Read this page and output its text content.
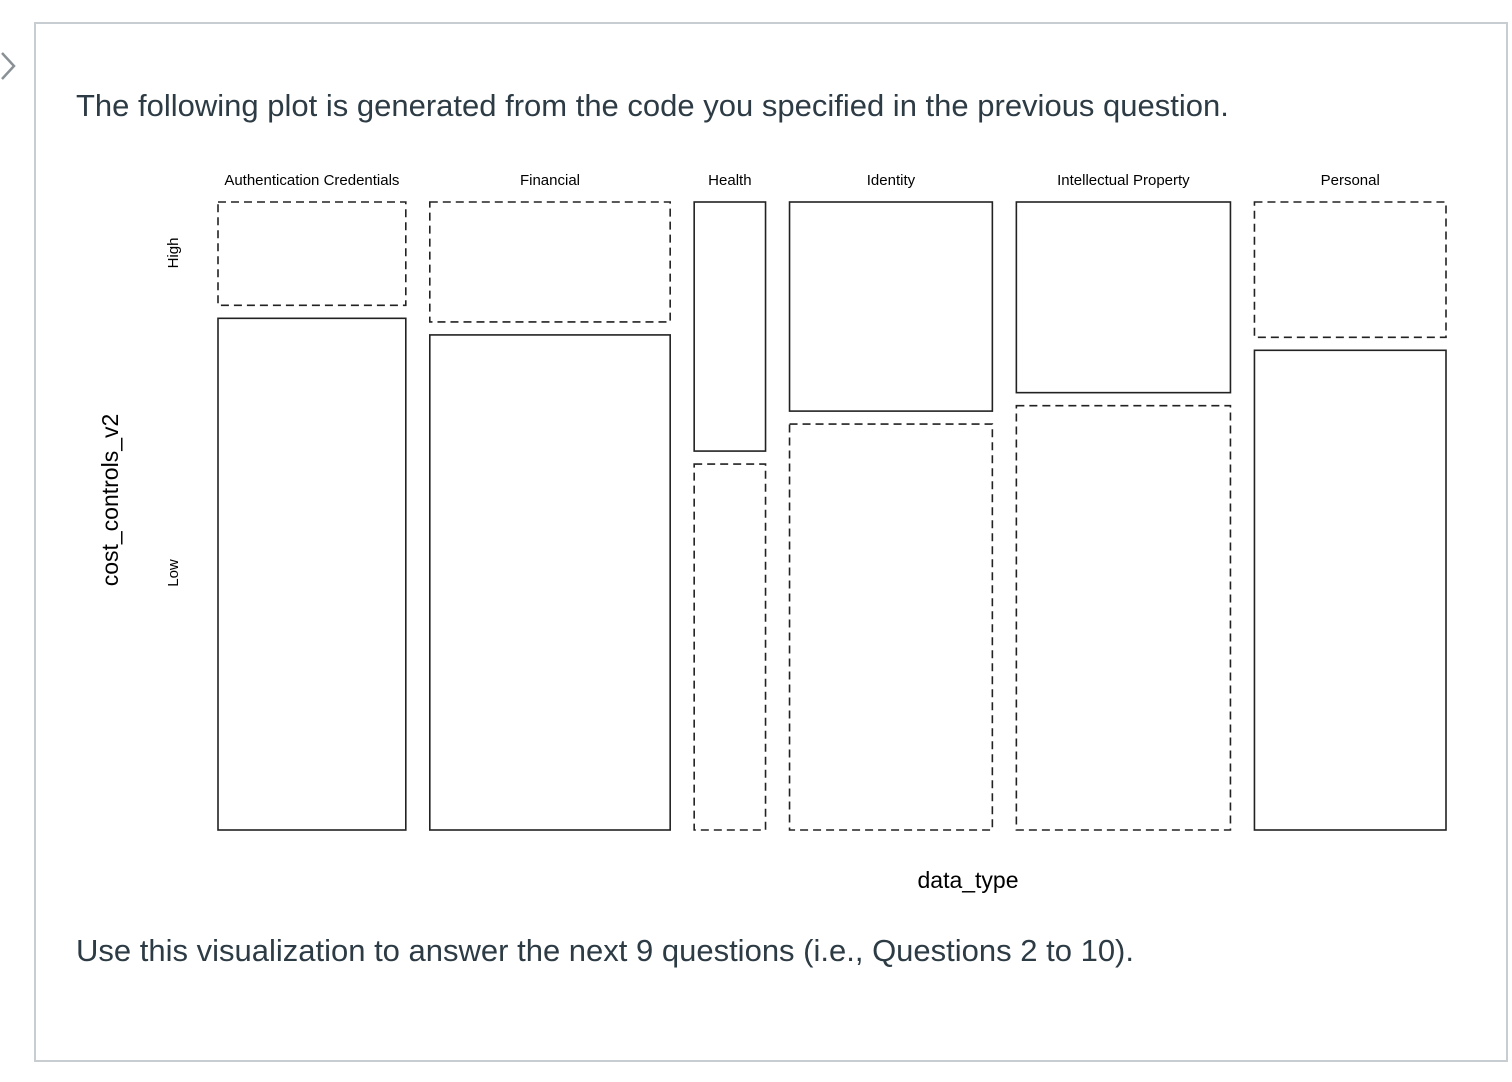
The following plot is generated from the code you specified in the previous question.
Authentication Credentials	Financial	Health	Identity	Intellectual Property	Personal
High
Low
cost_controls_v2
data_type
Use this visualization to answer the next 9 questions (i.e., Questions 2 to 10).
